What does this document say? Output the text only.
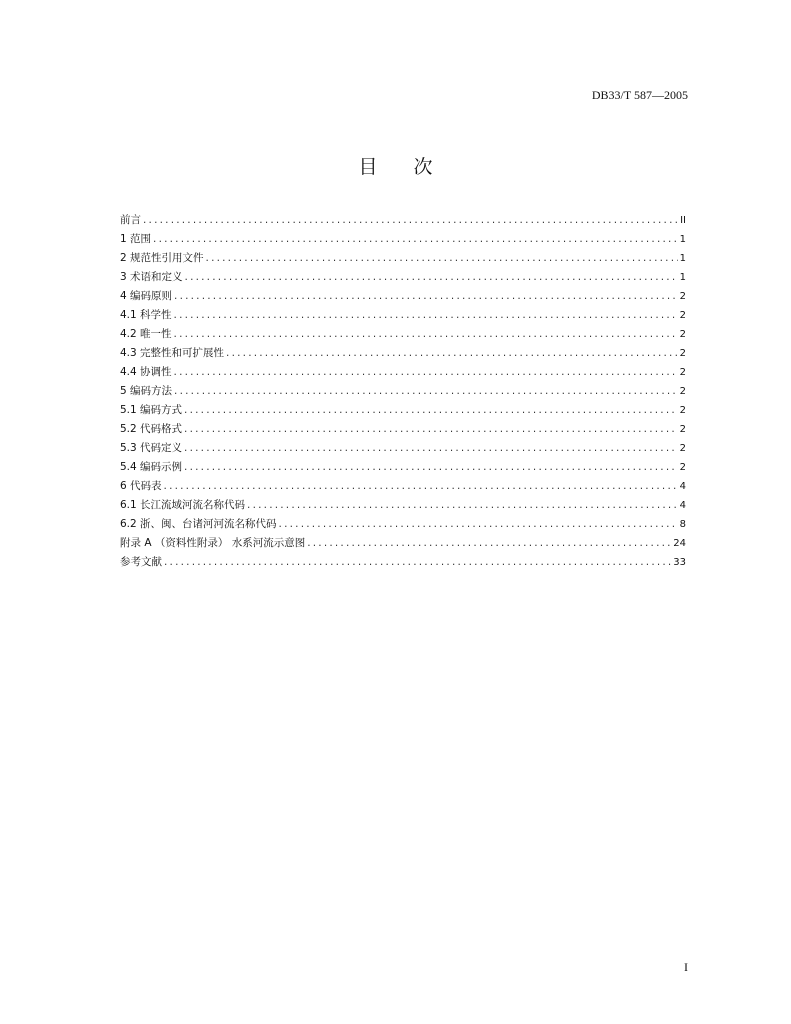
DB33/T 587—2005
目 次
前言 .....	II
1 范围 .....	1
2 规范性引用文件 .....	1
3 术语和定义 .....	1
4 编码原则 .....	2
4.1 科学性 .....	2
4.2 唯一性 .....	2
4.3 完整性和可扩展性 .....	2
4.4 协调性 .....	2
5 编码方法 .....	2
5.1 编码方式 .....	2
5.2 代码格式 .....	2
5.3 代码定义 .....	2
5.4 编码示例 .....	2
6 代码表 .....	4
6.1 长江流域河流名称代码 .....	4
6.2 浙、闽、台诸河河流名称代码 .....	8
附录 A （资料性附录） 水系河流示意图 .....	24
参考文献 .....	33
I
